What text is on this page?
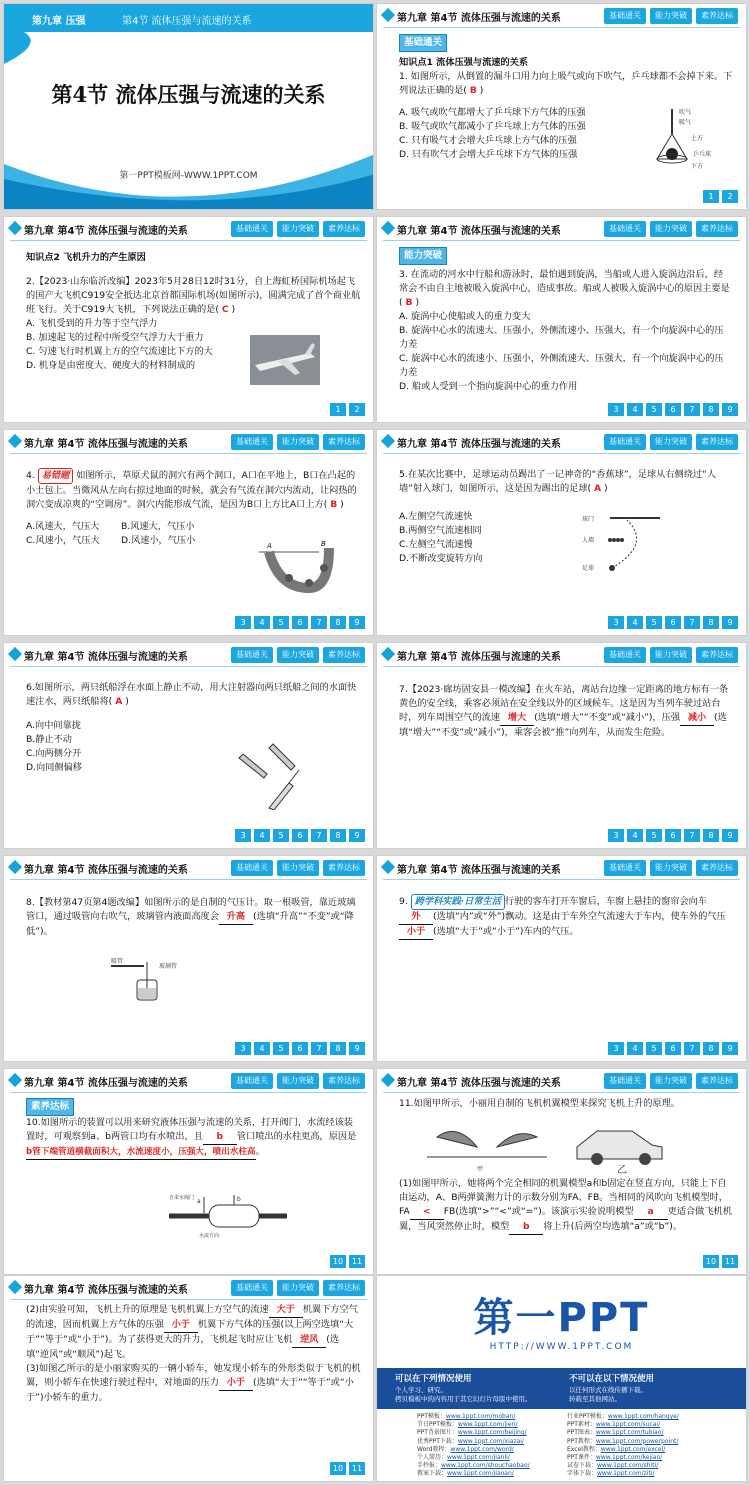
第九章 压强	第4节 流体压强与流速的关系
第4节 流体压强与流速的关系
第一PPT模板网-WWW.1PPT.COM
第九章 第4节 流体压强与流速的关系	基础通关	能力突破	素养达标
基础通关

知识点1 流体压强与流速的关系

1. 如图所示，从倒置的漏斗口用力向上吸气或向下吹气，乒乓球都不会掉下来。下列说法正确的是( B )

A. 吸气或吹气都增大了乒乓球下方气体的压强

B. 吸气或吹气都减小了乒乓球上方气体的压强

C. 只有吸气才会增大乒乓球上方气体的压强

D. 只有吹气才会增大乒乓球下方气体的压强

吹气
吸气
上方
乒乓球
下方
1	2
第九章 第4节 流体压强与流速的关系	基础通关	能力突破	素养达标

知识点2 飞机升力的产生原因

2.【2023·山东临沂改编】2023年5月28日12时31分，自上海虹桥国际机场起飞的国产大飞机C919安全抵达北京首都国际机场(如图所示)，圆满完成了首个商业航班飞行。关于C919大飞机，下列说法正确的是( C )

A. 飞机受到的升力等于空气浮力

B. 加速起飞的过程中所受空气浮力大于重力

C. 匀速飞行时机翼上方的空气流速比下方的大

D. 机身是由密度大、硬度大的材料制成的

1	2
第九章 第4节 流体压强与流速的关系	基础通关	能力突破	素养达标
能力突破

3. 在流动的河水中行船和游泳时，最怕遇到旋涡，当船或人进入旋涡边沿后，经常会不由自主地被吸入旋涡中心，造成事故。船或人被吸入旋涡中心的原因主要是( B )

A. 旋涡中心使船或人的重力变大

B. 旋涡中心水的流速大、压强小，外侧流速小、压强大，有一个向旋涡中心的压力差

C. 旋涡中心水的流速小、压强小，外侧流速大、压强大，有一个向旋涡中心的压力差

D. 船或人受到一个指向旋涡中心的重力作用

3	4	5	6	7	8	9
第九章 第4节 流体压强与流速的关系	基础通关	能力突破	素养达标

4. 易错题 如图所示，草原犬鼠的洞穴有两个洞口，A口在平地上，B口在凸起的小土包上。当微风从左向右掠过地面的时候，就会有气流在洞穴内流动，让闷热的洞穴变成凉爽的“空调房”。洞穴内能形成气流，是因为B口上方比A口上方( B )

A.风速大，气压大	B.风速大，气压小

C.风速小，气压大	D.风速小，气压小	A	B
3	4	5	6	7	8	9
第九章 第4节 流体压强与流速的关系	基础通关	能力突破	素养达标

5.在某次比赛中，足球运动员踢出了一记神奇的“香蕉球”，足球从右侧绕过“人墙”射入球门，如图所示，这是因为踢出的足球( A )

A.左侧空气流速快

B.两侧空气流速相同

C.左侧空气流速慢

D.不断改变旋转方向

球门
人墙
足球
3	4	5	6	7	8	9
第九章 第4节 流体压强与流速的关系	基础通关	能力突破	素养达标

6.如图所示，两只纸船浮在水面上静止不动，用大注射器向两只纸船之间的水面快速注水，两只纸船将( A )

A.向中间靠拢

B.静止不动

C.向两侧分开

D.向同侧偏移

3	4	5	6	7	8	9
第九章 第4节 流体压强与流速的关系	基础通关	能力突破	素养达标

7.【2023·廊坊固安县一模改编】在火车站，离站台边缘一定距离的地方标有一条黄色的安全线，乘客必须站在安全线以外的区域候车。这是因为当列车驶过站台时，列车周围空气的流速 增大 (选填“增大”“不变”或“减小”)，压强 减小 (选填“增大”“不变”或“减小”)，乘客会被“推”向列车，从而发生危险。

3	4	5	6	7	8	9
第九章 第4节 流体压强与流速的关系	基础通关	能力突破	素养达标

8.【教材第47页第4题改编】如图所示的是自制的气压计。取一根吸管，靠近玻璃管口，通过吸管向右吹气，玻璃管内液面高度会 升高 (选填“升高”“不变”或“降低”)。

吸管
玻璃管
3	4	5	6	7	8	9
第九章 第4节 流体压强与流速的关系	基础通关	能力突破	素养达标

9. 跨学科实践·日常生活 行驶的客车打开车窗后，车窗上悬挂的窗帘会向车外 (选填“内”或“外”)飘动。这是由于车外空气流速大于车内，使车外的气压小于 (选填“大于”或“小于”)车内的气压。

3	4	5	6	7	8	9
第九章 第4节 流体压强与流速的关系	基础通关	能力突破	素养达标
素养达标

10.如图所示的装置可以用来研究液体压强与流速的关系，打开阀门，水流经该装置时，可观察到a、b两管口均有水喷出，且 b 管口喷出的水柱更高，原因是b管下端管道横截面积大，水流速度小，压强大，喷出水柱高。

自来水阀门 a	b
水流方向
10	11
第九章 第4节 流体压强与流速的关系	基础通关	能力突破	素养达标

11.如图甲所示，小丽用自制的飞机机翼模型来探究飞机上升的原理。

甲	乙

(1)如图甲所示，她将两个完全相同的机翼模型a和b固定在竖直方向，只能上下自由运动，A、B两弹簧测力计的示数分别为FA、FB。当相同的风吹向飞机模型时，FA < FB(选填“>”“<”或“=”)。该演示实验说明模型 a 更适合做飞机机翼，当风突然停止时，模型 b 将上升(后两空均选填“a”或“b”)。

10	11
第九章 第4节 流体压强与流速的关系	基础通关	能力突破	素养达标

(2)由实验可知，飞机上升的原理是飞机机翼上方空气的流速 大于 机翼下方空气的流速，因而机翼上方气体的压强 小于 机翼下方气体的压强(以上两空选填“大于”“等于”或“小于”)。为了获得更大的升力，飞机起飞时应让飞机 逆风 (选填“逆风”或“顺风”)起飞。

(3)如图乙所示的是小丽家购买的一辆小轿车，她发现小轿车的外形类似于飞机的机翼，则小轿车在快速行驶过程中，对地面的压力 小于 (选填“大于”“等于”或“小于”)小轿车的重力。

10	11
第一PPT
HTTP://WWW.1PPT.COM
可以在下列情况使用
个人学习、研究。
拷贝模板中的内容用于其它幻灯片母版中使用。
不可以在以下情况使用
以任何形式在线传播下载。
转载至其他网站。
PPT模板：www.1ppt.com/moban/
节日PPT模板：www.1ppt.com/jieri/
PPT背景图片：www.1ppt.com/beijing/
优秀PPT下载：www.1ppt.com/xiazai/
Word教程：www.1ppt.com/word/
个人简历：www.1ppt.com/jianli/
手抄报：www.1ppt.com/shouchaobao/
教案下载：www.1ppt.com/jiaoan/
行业PPT模板：www.1ppt.com/hangye/
PPT素材：www.1ppt.com/sucai/
PPT图表：www.1ppt.com/tubiao/
PPT教程：www.1ppt.com/powerpoint/
Excel教程：www.1ppt.com/excel/
PPT课件：www.1ppt.com/kejian/
试卷下载：www.1ppt.com/shiti/
字体下载：www.1ppt.com/ziti/
